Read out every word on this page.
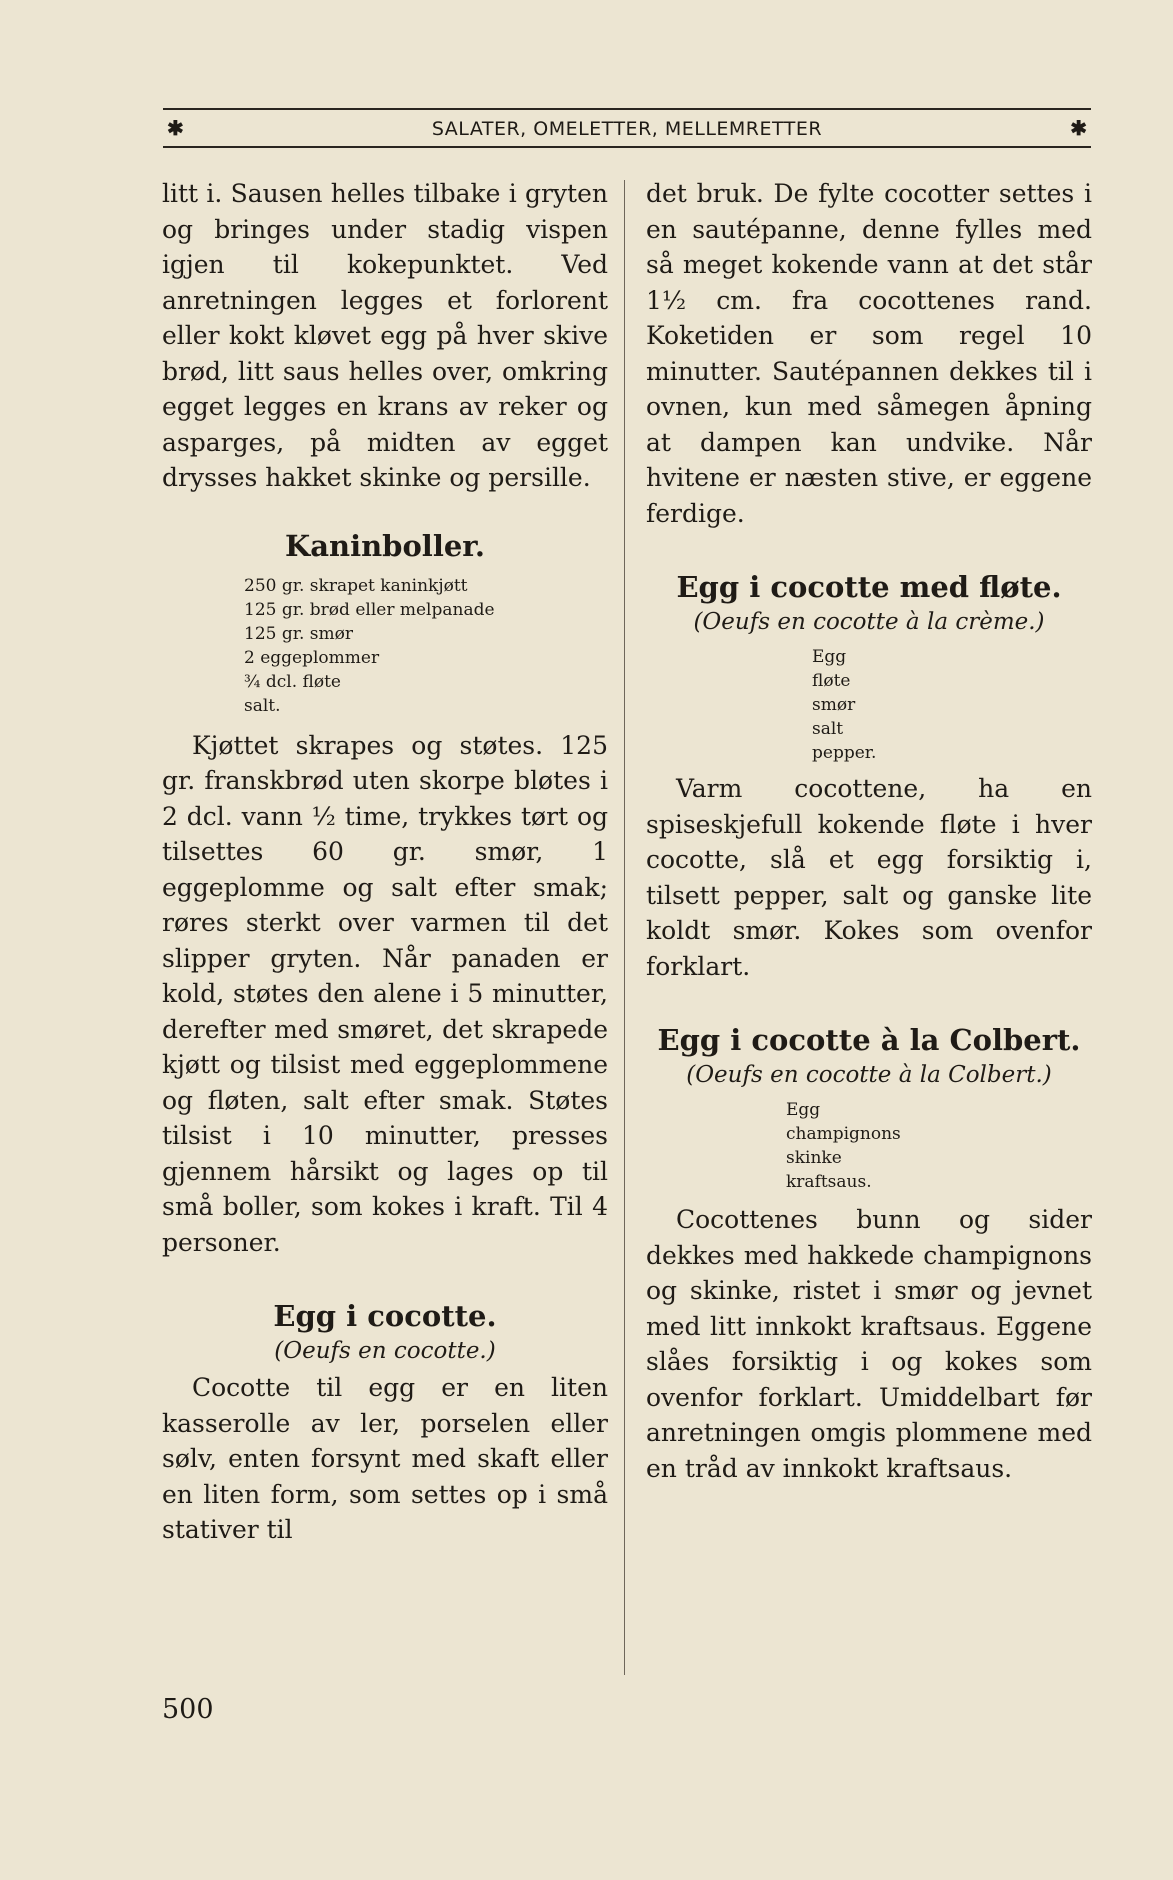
✱	SALATER, OMELETTER, MELLEMRETTER	✱

litt i. Sausen helles tilbake i gryten og bringes under stadig vispen igjen til kokepunktet. Ved anretningen legges et forlorent eller kokt kløvet egg på hver skive brød, litt saus helles over, omkring egget legges en krans av reker og asparges, på midten av egget drysses hakket skinke og persille.

Kaninboller.
250 gr. skrapet kaninkjøtt
125 gr. brød eller melpanade
125 gr. smør
2 eggeplommer
¾ dcl. fløte
salt.

Kjøttet skrapes og støtes. 125 gr. franskbrød uten skorpe bløtes i 2 dcl. vann ½ time, trykkes tørt og tilsettes 60 gr. smør, 1 eggeplomme og salt efter smak; røres sterkt over varmen til det slipper gryten. Når panaden er kold, støtes den alene i 5 minutter, derefter med smøret, det skrapede kjøtt og tilsist med eggeplommene og fløten, salt efter smak. Støtes tilsist i 10 minutter, presses gjennem hårsikt og lages op til små boller, som kokes i kraft. Til 4 personer.

Egg i cocotte.
(Oeufs en cocotte.)

Cocotte til egg er en liten kasserolle av ler, porselen eller sølv, enten forsynt med skaft eller en liten form, som settes op i små stativer til

det bruk. De fylte cocotter settes i en sautépanne, denne fylles med så meget kokende vann at det står 1½ cm. fra cocottenes rand. Koketiden er som regel 10 minutter. Sautépannen dekkes til i ovnen, kun med såmegen åpning at dampen kan undvike. Når hvitene er næsten stive, er eggene ferdige.

Egg i cocotte med fløte.
(Oeufs en cocotte à la crème.)
Egg
fløte
smør
salt
pepper.

Varm cocottene, ha en spiseskjefull kokende fløte i hver cocotte, slå et egg forsiktig i, tilsett pepper, salt og ganske lite koldt smør. Kokes som ovenfor forklart.

Egg i cocotte à la Colbert.
(Oeufs en cocotte à la Colbert.)
Egg
champignons
skinke
kraftsaus.

Cocottenes bunn og sider dekkes med hakkede champignons og skinke, ristet i smør og jevnet med litt innkokt kraftsaus. Eggene slåes forsiktig i og kokes som ovenfor forklart. Umiddelbart før anretningen omgis plommene med en tråd av innkokt kraftsaus.

500
